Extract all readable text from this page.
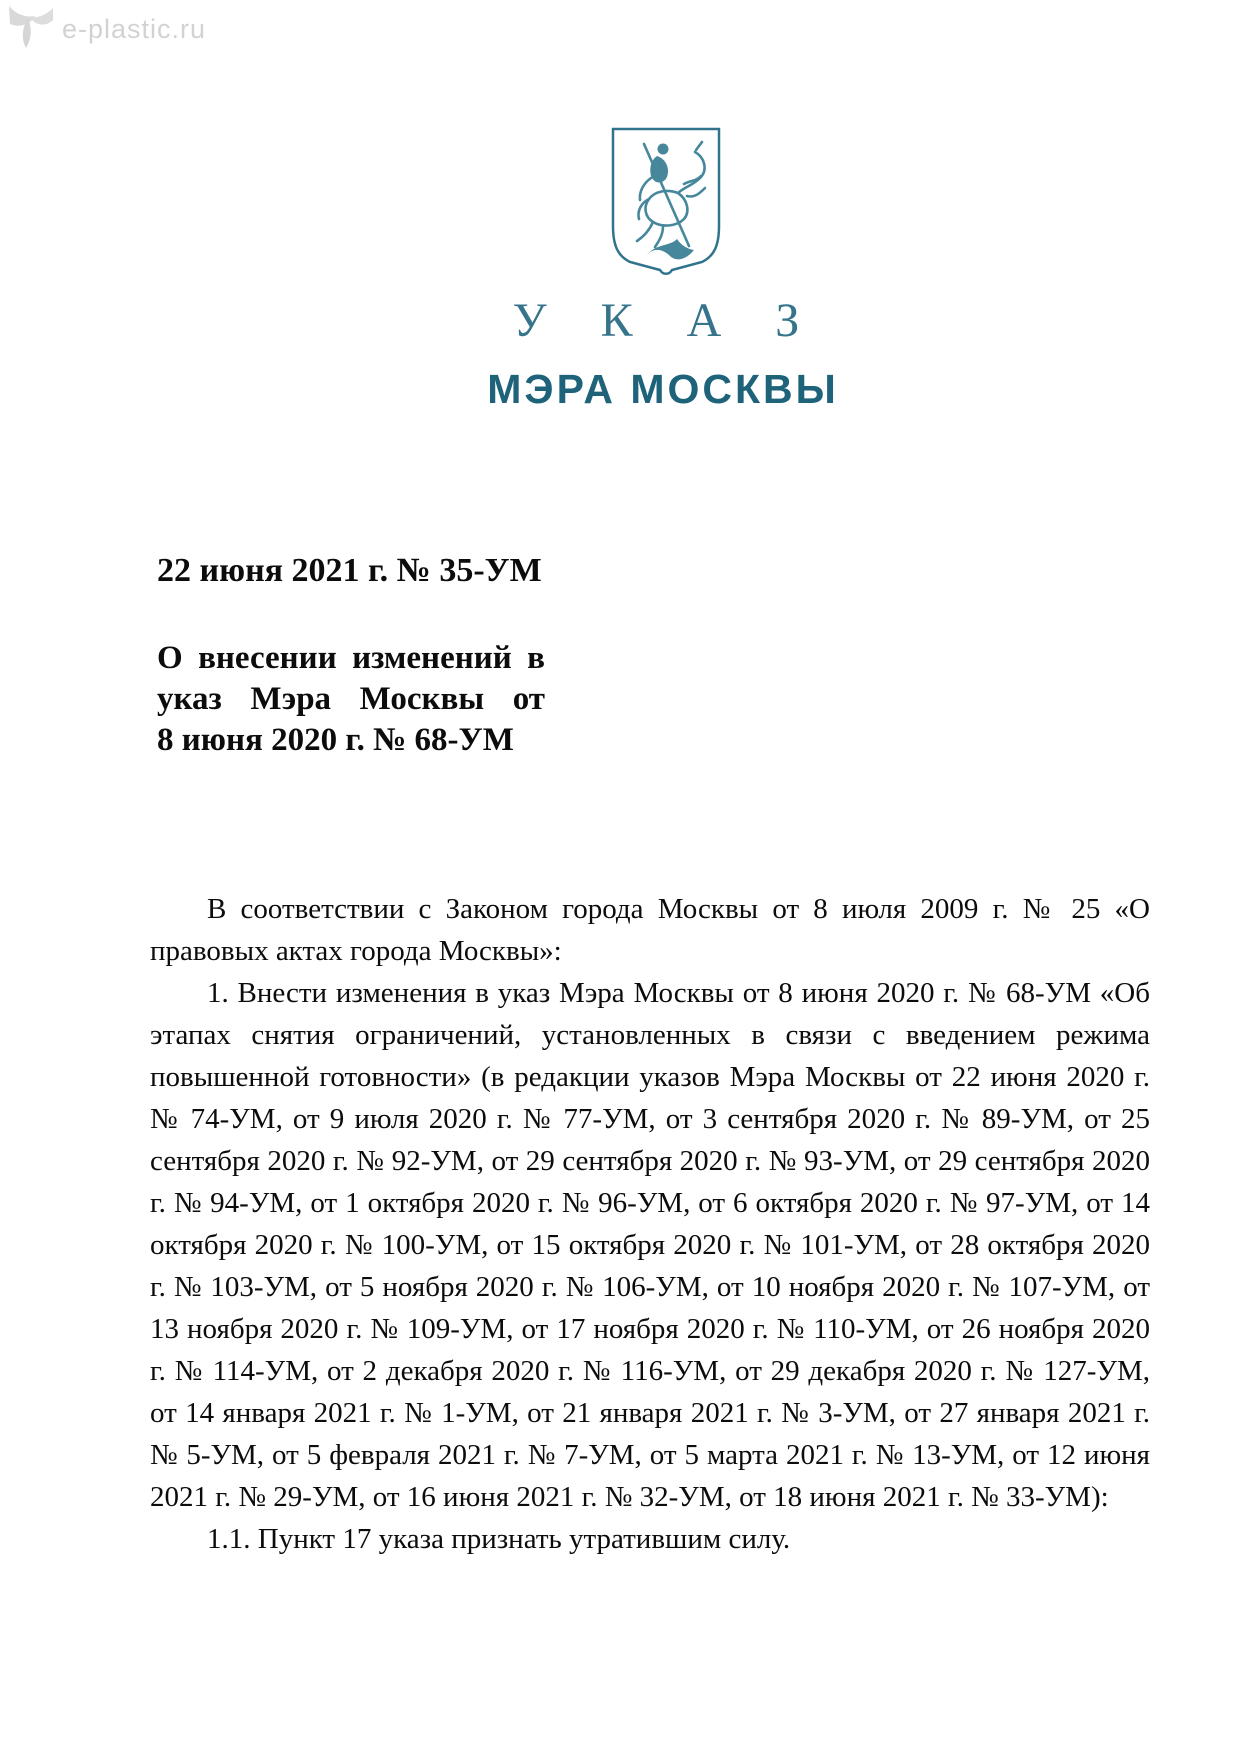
e-plastic.ru
У К А З
МЭРА МОСКВЫ
22 июня 2021 г. № 35-УМ
О внесении изменений в
указ Мэра Москвы от
8 июня 2020 г. № 68-УМ

В соответствии с Законом города Москвы от 8 июля 2009 г. № 25 «О правовых актах города Москвы»:

1. Внести изменения в указ Мэра Москвы от 8 июня 2020 г. № 68-УМ «Об этапах снятия ограничений, установленных в связи с введением режима повышенной готовности» (в редакции указов Мэра Москвы от 22 июня 2020 г. № 74-УМ, от 9 июля 2020 г. № 77-УМ, от 3 сентября 2020 г. № 89-УМ, от 25 сентября 2020 г. № 92-УМ, от 29 сентября 2020 г. № 93-УМ, от 29 сентября 2020 г. № 94-УМ, от 1 октября 2020 г. № 96-УМ, от 6 октября 2020 г. № 97-УМ, от 14 октября 2020 г. № 100-УМ, от 15 октября 2020 г. № 101-УМ, от 28 октября 2020 г. № 103-УМ, от 5 ноября 2020 г. № 106-УМ, от 10 ноября 2020 г. № 107-УМ, от 13 ноября 2020 г. № 109-УМ, от 17 ноября 2020 г. № 110-УМ, от 26 ноября 2020 г. № 114-УМ, от 2 декабря 2020 г. № 116-УМ, от 29 декабря 2020 г. № 127-УМ, от 14 января 2021 г. № 1-УМ, от 21 января 2021 г. № 3-УМ, от 27 января 2021 г. № 5-УМ, от 5 февраля 2021 г. № 7-УМ, от 5 марта 2021 г. № 13-УМ, от 12 июня 2021 г. № 29-УМ, от 16 июня 2021 г. № 32-УМ, от 18 июня 2021 г. № 33-УМ):

1.1. Пункт 17 указа признать утратившим силу.
